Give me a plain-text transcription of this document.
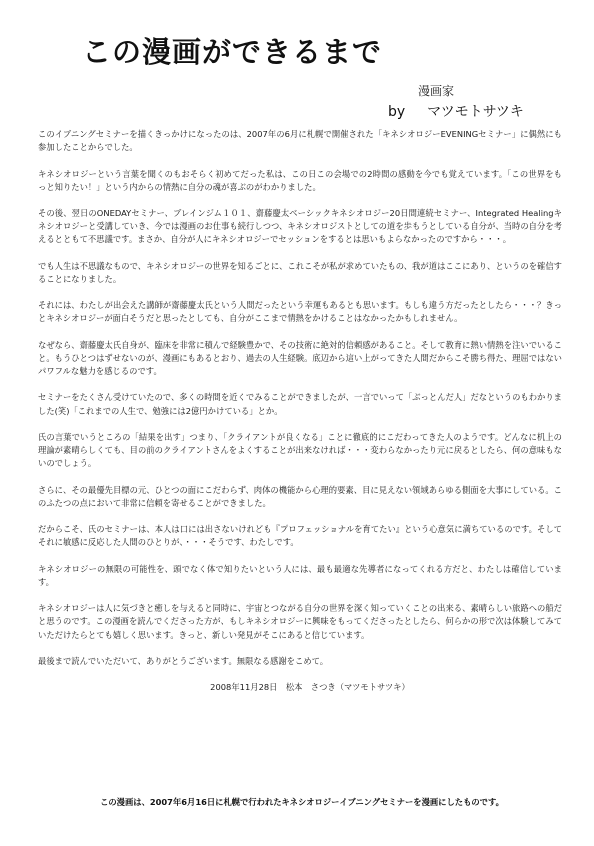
この漫画ができるまで
漫画家
by マツモトサツキ

このイブニングセミナーを描くきっかけになったのは、2007年の6月に札幌で開催された「キネシオロジーEVENINGセミナー」に偶然にも参加したことからでした。

キネシオロジーという言葉を聞くのもおそらく初めてだった私は、この日この会場での2時間の感動を今でも覚えています。「この世界をもっと知りたい！」という内からの情熱に自分の魂が喜ぶのがわかりました。

その後、翌日のONEDAYセミナー、ブレインジム１０１、齋藤慶太ベーシックキネシオロジー20日間連続セミナー、Integrated Healingキネシオロジーと受講していき、今では漫画のお仕事も続行しつつ、キネシオロジストとしての道を歩もうとしている自分が、当時の自分を考えるとともて不思議です。まさか、自分が人にキネシオロジーでセッションをするとは思いもよらなかったのですから・・・。

でも人生は不思議なもので、キネシオロジーの世界を知るごとに、これこそが私が求めていたもの、我が道はここにあり、というのを確信することになりました。

それには、わたしが出会えた講師が齋藤慶太氏という人間だったという幸運もあるとも思います。もしも違う方だったとしたら・・・？きっとキネシオロジーが面白そうだと思ったとしても、自分がここまで情熱をかけることはなかったかもしれません。

なぜなら、齋藤慶太氏自身が、臨床を非常に積んで経験豊かで、その技術に絶対的信頼感があること。そして教育に熱い情熱を注いでいること。もうひとつはずせないのが、漫画にもあるとおり、過去の人生経験。底辺から這い上がってきた人間だからこそ勝ち得た、理屈ではないパワフルな魅力を感じるのです。

セミナーをたくさん受けていたので、多くの時間を近くでみることができましたが、一言でいって「ぶっとんだ人」だなというのもわかりました(笑)「これまでの人生で、勉強には2億円かけている」とか。

氏の言葉でいうところの「結果を出す」つまり、「クライアントが良くなる」ことに徹底的にこだわってきた人のようです。どんなに机上の理論が素晴らしくても、目の前のクライアントさんをよくすることが出来なければ・・・変わらなかったり元に戻るとしたら、何の意味もないのでしょう。

さらに、その最優先目標の元、ひとつの面にこだわらず、肉体の機能から心理的要素、目に見えない領域あらゆる側面を大事にしている。このふたつの点において非常に信頼を寄せることができました。

だからこそ、氏のセミナーは、本人は口には出さないけれども『プロフェッショナルを育てたい』という心意気に満ちているのです。そしてそれに敏感に反応した人間のひとりが、・・・そうです、わたしです。

キネシオロジーの無限の可能性を、頭でなく体で知りたいという人には、最も最適な先導者になってくれる方だと、わたしは確信しています。

キネシオロジーは人に気づきと癒しを与えると同時に、宇宙とつながる自分の世界を深く知っていくことの出来る、素晴らしい旅路への船だと思うのです。この漫画を読んでくださった方が、もしキネシオロジーに興味をもってくださったとしたら、何らかの形で次は体験してみていただけたらとても嬉しく思います。きっと、新しい発見がそこにあると信じています。

最後まで読んでいただいて、ありがとうございます。無限なる感謝をこめて。

2008年11月28日　松本　さつき（マツモトサツキ）

この漫画は、2007年6月16日に札幌で行われたキネシオロジーイブニングセミナーを漫画にしたものです。
